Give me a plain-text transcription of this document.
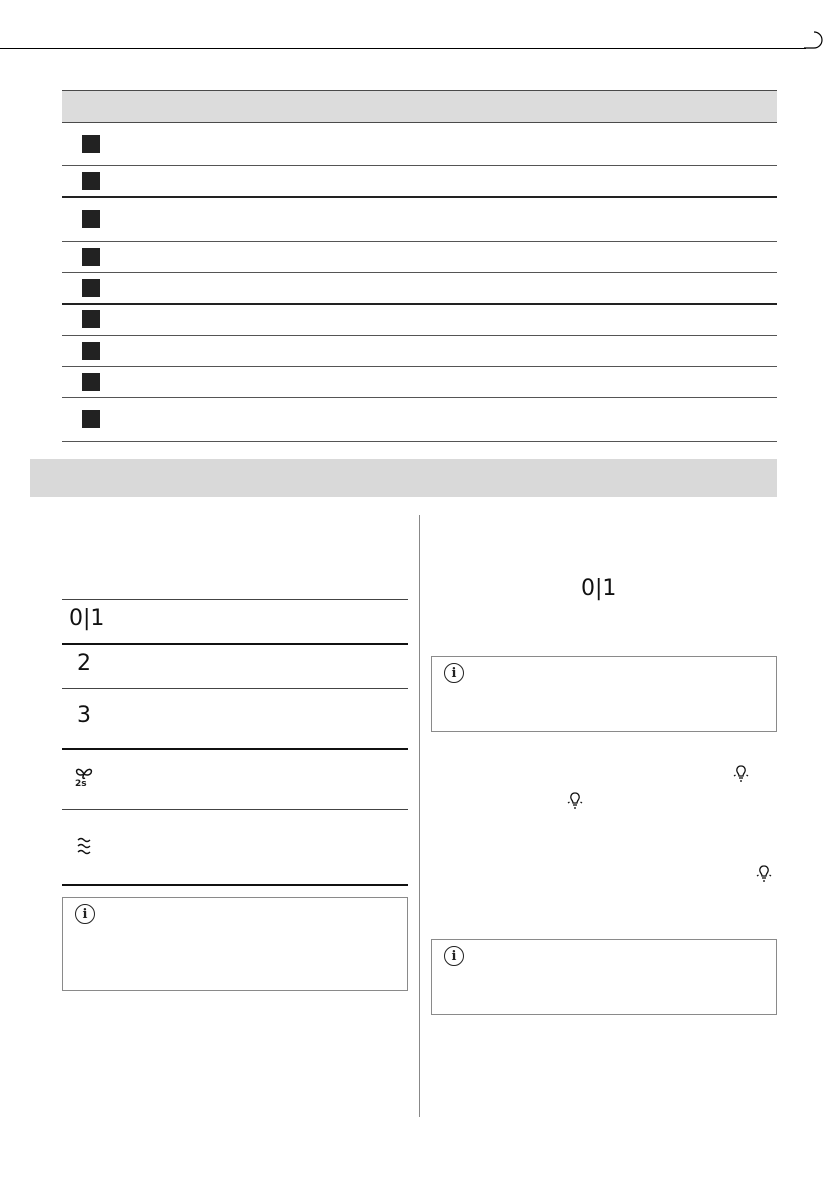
0|1
2
3
2s
i
0|1
i
i
